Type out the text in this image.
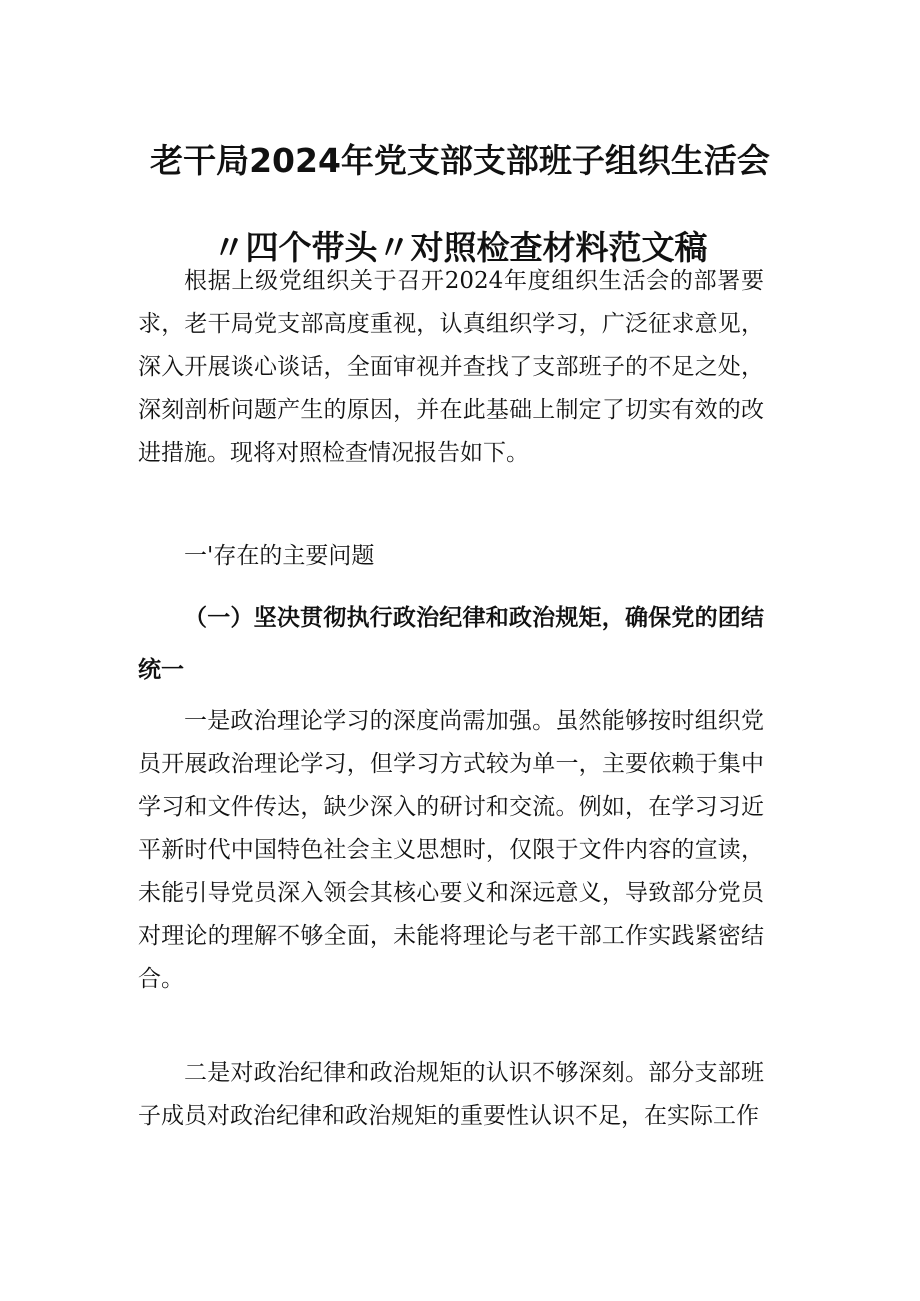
老干局2024年党支部支部班子组织生活会
〃四个带头〃对照检查材料范文稿

根据上级党组织关于召开2024年度组织生活会的部署要求，老干局党支部高度重视，认真组织学习，广泛征求意见，深入开展谈心谈话，全面审视并查找了支部班子的不足之处，深刻剖析问题产生的原因，并在此基础上制定了切实有效的改进措施。现将对照检查情况报告如下。

一'存在的主要问题

（一）坚决贯彻执行政治纪律和政治规矩，确保党的团结统一

一是政治理论学习的深度尚需加强。虽然能够按时组织党员开展政治理论学习，但学习方式较为单一，主要依赖于集中学习和文件传达，缺少深入的研讨和交流。例如，在学习习近平新时代中国特色社会主义思想时，仅限于文件内容的宣读，未能引导党员深入领会其核心要义和深远意义，导致部分党员对理论的理解不够全面，未能将理论与老干部工作实践紧密结合。

二是对政治纪律和政治规矩的认识不够深刻。部分支部班子成员对政治纪律和政治规矩的重要性认识不足，在实际工作
